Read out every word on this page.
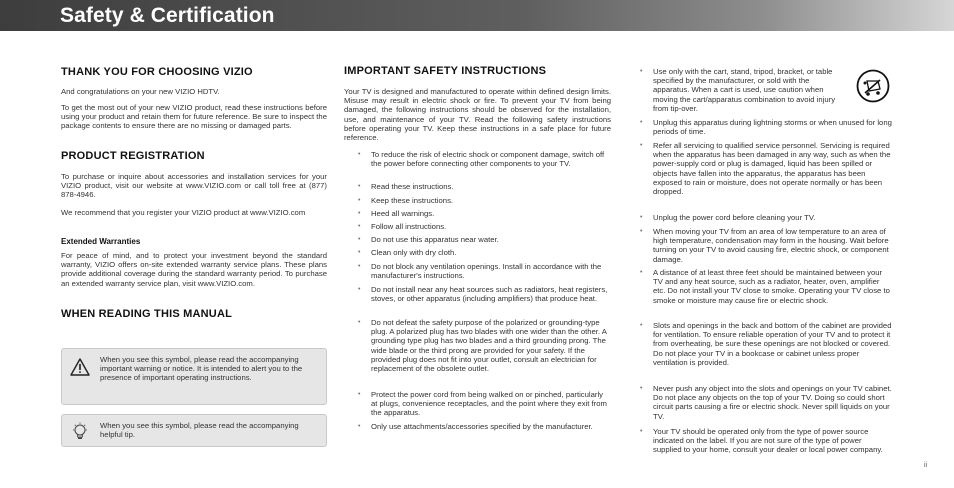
Safety & Certification
THANK YOU FOR CHOOSING VIZIO

And congratulations on your new VIZIO HDTV.

To get the most out of your new VIZIO product, read these instructions before using your product and retain them for future reference. Be sure to inspect the package contents to ensure there are no missing or damaged parts.

PRODUCT REGISTRATION

To purchase or inquire about accessories and installation services for your VIZIO product, visit our website at www.VIZIO.com or call toll free at (877) 878-4946.

We recommend that you register your VIZIO product at www.VIZIO.com

Extended Warranties

For peace of mind, and to protect your investment beyond the standard warranty, VIZIO offers on-site extended warranty service plans. These plans provide additional coverage during the standard warranty period. To purchase an extended warranty service plan, visit www.VIZIO.com.

WHEN READING THIS MANUAL
When you see this symbol, please read the accompanying important warning or notice. It is intended to alert you to the presence of important operating instructions.
When you see this symbol, please read the accompanying helpful tip.
IMPORTANT SAFETY INSTRUCTIONS

Your TV is designed and manufactured to operate within defined design limits. Misuse may result in electric shock or fire. To prevent your TV from being damaged, the following instructions should be observed for the installation, use, and maintenance of your TV. Read the following safety instructions before operating your TV. Keep these instructions in a safe place for future reference.

• To reduce the risk of electric shock or component damage, switch off the power before connecting other components to your TV.
• Read these instructions.
• Keep these instructions.
• Heed all warnings.
• Follow all instructions.
• Do not use this apparatus near water.
• Clean only with dry cloth.
• Do not block any ventilation openings. Install in accordance with the manufacturer's instructions.
• Do not install near any heat sources such as radiators, heat registers, stoves, or other apparatus (including amplifiers) that produce heat.
• Do not defeat the safety purpose of the polarized or grounding-type plug. A polarized plug has two blades with one wider than the other. A grounding type plug has two blades and a third grounding prong. The wide blade or the third prong are provided for your safety. If the provided plug does not fit into your outlet, consult an electrician for replacement of the obsolete outlet.
• Protect the power cord from being walked on or pinched, particularly at plugs, convenience receptacles, and the point where they exit from the apparatus.
• Only use attachments/accessories specified by the manufacturer.
• Use only with the cart, stand, tripod, bracket, or table specified by the manufacturer, or sold with the apparatus. When a cart is used, use caution when moving the cart/apparatus combination to avoid injury from tip-over.
• Unplug this apparatus during lightning storms or when unused for long periods of time.
• Refer all servicing to qualified service personnel. Servicing is required when the apparatus has been damaged in any way, such as when the power-supply cord or plug is damaged, liquid has been spilled or objects have fallen into the apparatus, the apparatus has been exposed to rain or moisture, does not operate normally or has been dropped.
• Unplug the power cord before cleaning your TV.
• When moving your TV from an area of low temperature to an area of high temperature, condensation may form in the housing. Wait before turning on your TV to avoid causing fire, electric shock, or component damage.
• A distance of at least three feet should be maintained between your TV and any heat source, such as a radiator, heater, oven, amplifier etc. Do not install your TV close to smoke. Operating your TV close to smoke or moisture may cause fire or electric shock.
• Slots and openings in the back and bottom of the cabinet are provided for ventilation. To ensure reliable operation of your TV and to protect it from overheating, be sure these openings are not blocked or covered. Do not place your TV in a bookcase or cabinet unless proper ventilation is provided.
• Never push any object into the slots and openings on your TV cabinet. Do not place any objects on the top of your TV. Doing so could short circuit parts causing a fire or electric shock. Never spill liquids on your TV.
• Your TV should be operated only from the type of power source indicated on the label. If you are not sure of the type of power supplied to your home, consult your dealer or local power company.
ii
